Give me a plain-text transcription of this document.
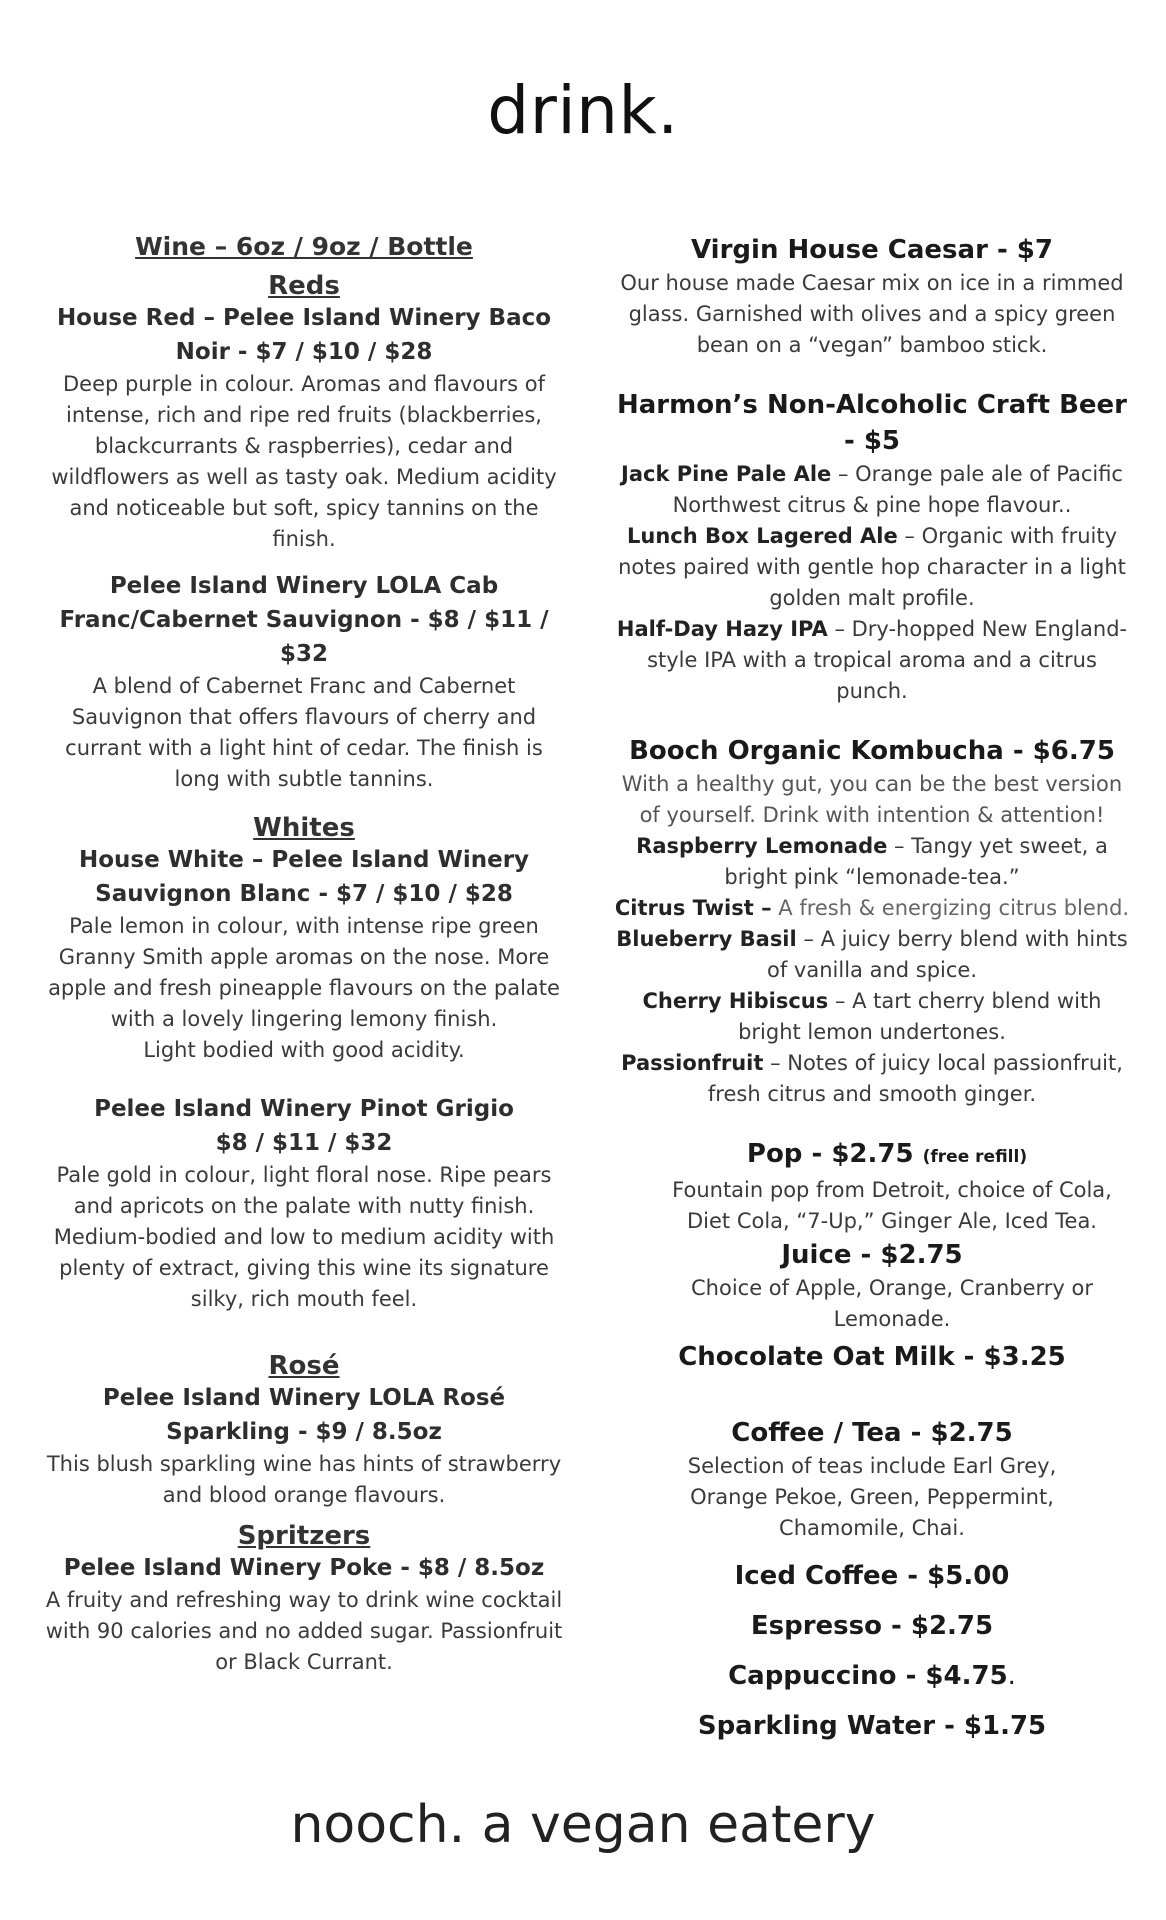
drink.
Wine – 6oz / 9oz / Bottle
Reds
House Red – Pelee Island Winery Baco Noir - $7 / $10 / $28
Deep purple in colour. Aromas and flavours of intense, rich and ripe red fruits (blackberries, blackcurrants & raspberries), cedar and wildflowers as well as tasty oak. Medium acidity and noticeable but soft, spicy tannins on the finish.
Pelee Island Winery LOLA Cab Franc/Cabernet Sauvignon - $8 / $11 / $32
A blend of Cabernet Franc and Cabernet Sauvignon that offers flavours of cherry and currant with a light hint of cedar. The finish is long with subtle tannins.
Whites
House White – Pelee Island Winery Sauvignon Blanc - $7 / $10 / $28
Pale lemon in colour, with intense ripe green Granny Smith apple aromas on the nose. More apple and fresh pineapple flavours on the palate with a lovely lingering lemony finish.
Light bodied with good acidity.
Pelee Island Winery Pinot Grigio
$8 / $11 / $32
Pale gold in colour, light floral nose. Ripe pears and apricots on the palate with nutty finish. Medium-bodied and low to medium acidity with plenty of extract, giving this wine its signature silky, rich mouth feel.
Rosé
Pelee Island Winery LOLA Rosé Sparkling - $9 / 8.5oz
This blush sparkling wine has hints of strawberry and blood orange flavours.
Spritzers
Pelee Island Winery Poke - $8 / 8.5oz
A fruity and refreshing way to drink wine cocktail with 90 calories and no added sugar. Passionfruit or Black Currant.
Virgin House Caesar - $7
Our house made Caesar mix on ice in a rimmed glass. Garnished with olives and a spicy green bean on a “vegan” bamboo stick.
Harmon’s Non-Alcoholic Craft Beer - $5
Jack Pine Pale Ale – Orange pale ale of Pacific Northwest citrus & pine hope flavour..
Lunch Box Lagered Ale – Organic with fruity notes paired with gentle hop character in a light golden malt profile.
Half-Day Hazy IPA – Dry-hopped New England-style IPA with a tropical aroma and a citrus punch.
Booch Organic Kombucha - $6.75
With a healthy gut, you can be the best version of yourself. Drink with intention & attention!
Raspberry Lemonade – Tangy yet sweet, a bright pink “lemonade-tea.”
Citrus Twist – A fresh & energizing citrus blend.
Blueberry Basil – A juicy berry blend with hints of vanilla and spice.
Cherry Hibiscus – A tart cherry blend with bright lemon undertones.
Passionfruit – Notes of juicy local passionfruit, fresh citrus and smooth ginger.
Pop - $2.75 (free refill)
Fountain pop from Detroit, choice of Cola, Diet Cola, “7-Up,” Ginger Ale, Iced Tea.
Juice - $2.75
Choice of Apple, Orange, Cranberry or Lemonade.
Chocolate Oat Milk - $3.25
Coffee / Tea - $2.75
Selection of teas include Earl Grey, Orange Pekoe, Green, Peppermint, Chamomile, Chai.
Iced Coffee - $5.00
Espresso - $2.75
Cappuccino - $4.75.
Sparkling Water - $1.75
nooch. a vegan eatery
